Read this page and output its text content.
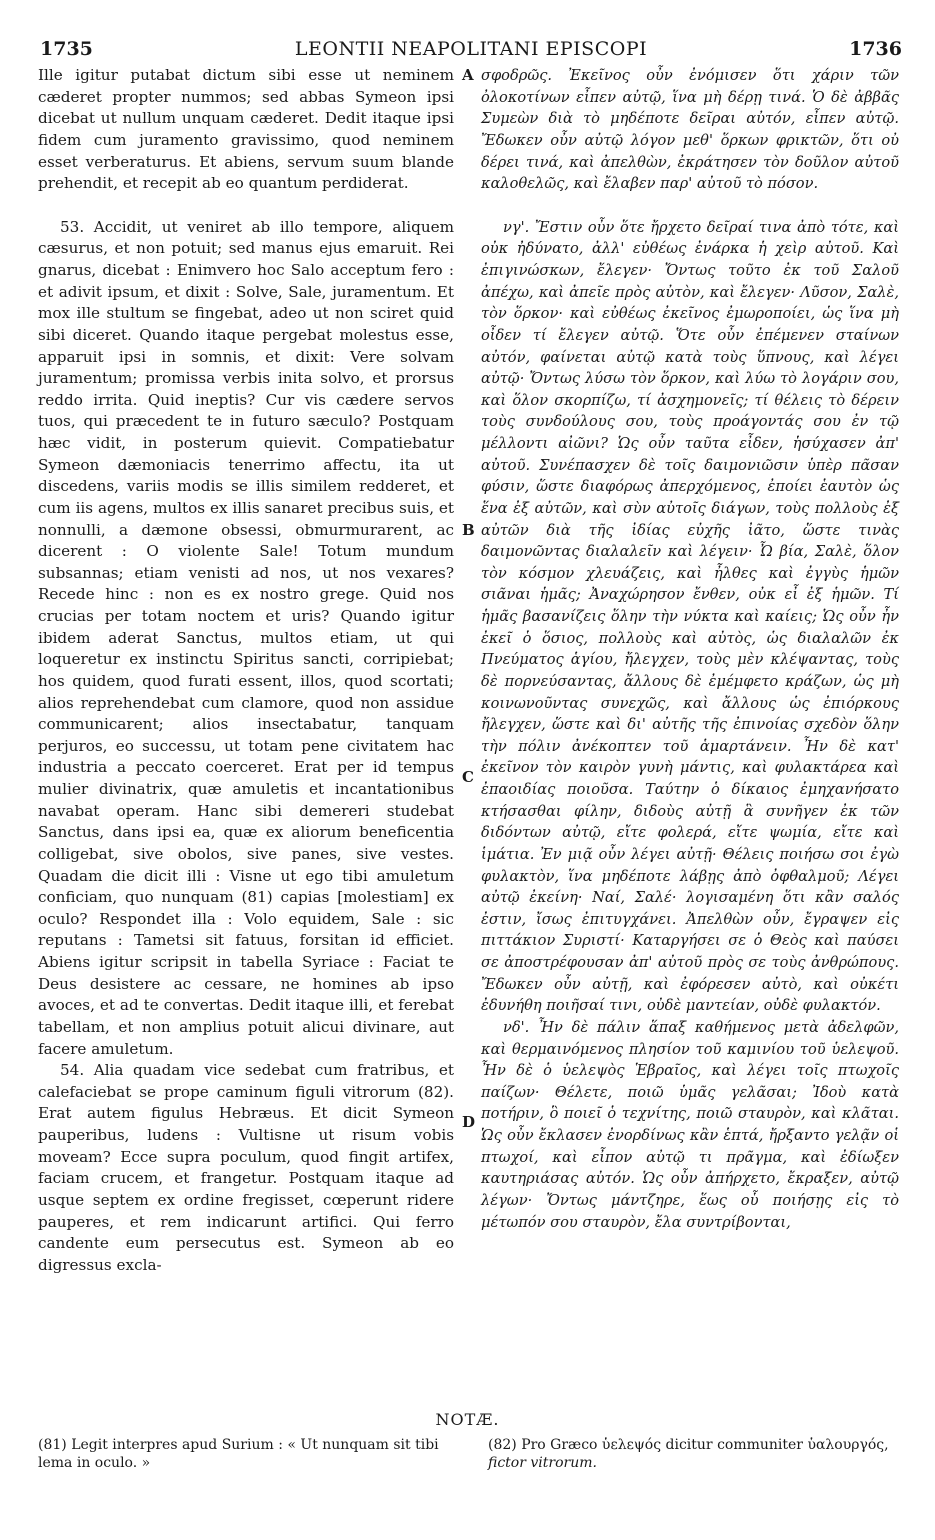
1735	LEONTII NEAPOLITANI EPISCOPI	1736

Ille igitur putabat dictum sibi esse ut neminem cæderet propter nummos; sed abbas Symeon ipsi dicebat ut nullum unquam cæderet. Dedit itaque ipsi fidem cum juramento gravissimo, quod neminem esset verberaturus. Et abiens, servum suum blande prehendit, et recepit ab eo quantum perdiderat.

53. Accidit, ut veniret ab illo tempore, aliquem cæsurus, et non potuit; sed manus ejus emaruit. Rei gnarus, dicebat : Enimvero hoc Salo acceptum fero : et adivit ipsum, et dixit : Solve, Sale, juramentum. Et mox ille stultum se fingebat, adeo ut non sciret quid sibi diceret. Quando itaque pergebat molestus esse, apparuit ipsi in somnis, et dixit: Vere solvam juramentum; promissa verbis inita solvo, et prorsus reddo irrita. Quid ineptis? Cur vis cædere servos tuos, qui præcedent te in futuro sæculo? Postquam hæc vidit, in posterum quievit. Compatiebatur Symeon dæmoniacis tenerrimo affectu, ita ut discedens, variis modis se illis similem redderet, et cum iis agens, multos ex illis sanaret precibus suis, et nonnulli, a dæmone obsessi, obmurmurarent, ac dicerent : O violente Sale! Totum mundum subsannas; etiam venisti ad nos, ut nos vexares? Recede hinc : non es ex nostro grege. Quid nos crucias per totam noctem et uris? Quando igitur ibidem aderat Sanctus, multos etiam, ut qui loqueretur ex instinctu Spiritus sancti, corripiebat; hos quidem, quod furati essent, illos, quod scortati; alios reprehendebat cum clamore, quod non assidue communicarent; alios insectabatur, tanquam perjuros, eo successu, ut totam pene civitatem hac industria a peccato coerceret. Erat per id tempus mulier divinatrix, quæ amuletis et incantationibus navabat operam. Hanc sibi demereri studebat Sanctus, dans ipsi ea, quæ ex aliorum beneficentia colligebat, sive obolos, sive panes, sive vestes. Quadam die dicit illi : Visne ut ego tibi amuletum conficiam, quo nunquam (81) capias [molestiam] ex oculo? Respondet illa : Volo equidem, Sale : sic reputans : Tametsi sit fatuus, forsitan id efficiet. Abiens igitur scripsit in tabella Syriace : Faciat te Deus desistere ac cessare, ne homines ab ipso avoces, et ad te convertas. Dedit itaque illi, et ferebat tabellam, et non amplius potuit alicui divinare, aut facere amuletum.

54. Alia quadam vice sedebat cum fratribus, et calefaciebat se prope caminum figuli vitrorum (82). Erat autem figulus Hebræus. Et dicit Symeon pauperibus, ludens : Vultisne ut risum vobis moveam? Ecce supra poculum, quod fingit artifex, faciam crucem, et frangetur. Postquam itaque ad usque septem ex ordine fregisset, cœperunt ridere pauperes, et rem indicarunt artifici. Qui ferro candente eum persecutus est. Symeon ab eo digressus excla-

A
B
C
D

σφοδρῶς. Ἐκεῖνος οὖν ἐνόμισεν ὅτι χάριν τῶν ὀλοκοτίνων εἶπεν αὐτῷ, ἵνα μὴ δέρῃ τινά. Ὁ δὲ ἀββᾶς Συμεὼν διὰ τὸ μηδέποτε δεῖραι αὐτόν, εἶπεν αὐτῷ. Ἔδωκεν οὖν αὐτῷ λόγον μεθ' ὅρκων φρικτῶν, ὅτι οὐ δέρει τινά, καὶ ἀπελθὼν, ἐκράτησεν τὸν δοῦλον αὐτοῦ καλοθελῶς, καὶ ἔλαβεν παρ' αὐτοῦ τὸ πόσον.

νγ'. Ἔστιν οὖν ὅτε ἤρχετο δεῖραί τινα ἀπὸ τότε, καὶ οὐκ ἠδύνατο, ἀλλ' εὐθέως ἐνάρκα ἡ χεὶρ αὐτοῦ. Καὶ ἐπιγινώσκων, ἔλεγεν· Ὄντως τοῦτο ἐκ τοῦ Σαλοῦ ἀπέχω, καὶ ἀπεῖε πρὸς αὐτὸν, καὶ ἔλεγεν· Λῦσον, Σαλὲ, τὸν ὅρκον· καὶ εὐθέως ἐκεῖνος ἐμωροποίει, ὡς ἵνα μὴ οἶδεν τί ἔλεγεν αὐτῷ. Ὅτε οὖν ἐπέμενεν σταίνων αὐτόν, φαίνεται αὐτῷ κατὰ τοὺς ὕπνους, καὶ λέγει αὐτῷ· Ὄντως λύσω τὸν ὅρκον, καὶ λύω τὸ λογάριν σου, καὶ ὅλον σκορπίζω, τί ἀσχημονεῖς; τί θέλεις τὸ δέρειν τοὺς συνδούλους σου, τοὺς προάγοντάς σου ἐν τῷ μέλλοντι αἰῶνι? Ὡς οὖν ταῦτα εἶδεν, ἡσύχασεν ἀπ' αὐτοῦ. Συνέπασχεν δὲ τοῖς δαιμονιῶσιν ὑπὲρ πᾶσαν φύσιν, ὥστε διαφόρως ἀπερχόμενος, ἐποίει ἑαυτὸν ὡς ἕνα ἐξ αὐτῶν, καὶ σὺν αὐτοῖς διάγων, τοὺς πολλοὺς ἐξ αὐτῶν διὰ τῆς ἰδίας εὐχῆς ἰᾶτο, ὥστε τινὰς δαιμονῶντας διαλαλεῖν καὶ λέγειν· Ὦ βία, Σαλὲ, ὅλον τὸν κόσμον χλευάζεις, καὶ ἦλθες καὶ ἐγγὺς ἡμῶν σιᾶναι ἡμᾶς; Ἀναχώρησον ἔνθεν, οὐκ εἶ ἐξ ἡμῶν. Τί ἡμᾶς βασανίζεις ὅλην τὴν νύκτα καὶ καίεις; Ὡς οὖν ἦν ἐκεῖ ὁ ὅσιος, πολλοὺς καὶ αὐτὸς, ὡς διαλαλῶν ἐκ Πνεύματος ἁγίου, ἤλεγχεν, τοὺς μὲν κλέψαντας, τοὺς δὲ πορνεύσαντας, ἄλλους δὲ ἐμέμφετο κράζων, ὡς μὴ κοινωνοῦντας συνεχῶς, καὶ ἄλλους ὡς ἐπιόρκους ἤλεγχεν, ὥστε καὶ δι' αὐτῆς τῆς ἐπινοίας σχεδὸν ὅλην τὴν πόλιν ἀνέκοπτεν τοῦ ἁμαρτάνειν. Ἦν δὲ κατ' ἐκεῖνον τὸν καιρὸν γυνὴ μάντις, καὶ φυλακτάρεα καὶ ἐπαοιδίας ποιοῦσα. Ταύτην ὁ δίκαιος ἐμηχανήσατο κτήσασθαι φίλην, διδοὺς αὐτῇ ἃ συνῆγεν ἐκ τῶν διδόντων αὐτῷ, εἴτε φολερά, εἴτε ψωμία, εἴτε καὶ ἱμάτια. Ἐν μιᾷ οὖν λέγει αὐτῇ· Θέλεις ποιήσω σοι ἐγὼ φυλακτὸν, ἵνα μηδέποτε λάβῃς ἀπὸ ὀφθαλμοῦ; Λέγει αὐτῷ ἐκείνη· Ναί, Σαλέ· λογισαμένη ὅτι κἂν σαλός ἐστιν, ἴσως ἐπιτυγχάνει. Ἀπελθὼν οὖν, ἔγραψεν εἰς πιττάκιον Συριστί· Καταργήσει σε ὁ Θεὸς καὶ παύσει σε ἀποστρέφουσαν ἀπ' αὐτοῦ πρὸς σε τοὺς ἀνθρώπους. Ἔδωκεν οὖν αὐτῇ, καὶ ἐφόρεσεν αὐτὸ, καὶ οὐκέτι ἐδυνήθη ποιῆσαί τινι, οὐδὲ μαντείαν, οὐδὲ φυλακτόν.

νδ'. Ἦν δὲ πάλιν ἅπαξ καθήμενος μετὰ ἀδελφῶν, καὶ θερμαινόμενος πλησίον τοῦ καμινίου τοῦ ὑελεψοῦ. Ἦν δὲ ὁ ὑελεψὸς Ἑβραῖος, καὶ λέγει τοῖς πτωχοῖς παίζων· Θέλετε, ποιῶ ὑμᾶς γελᾶσαι; Ἰδοὺ κατὰ ποτήριν, ὃ ποιεῖ ὁ τεχνίτης, ποιῶ σταυρὸν, καὶ κλᾶται. Ὡς οὖν ἔκλασεν ἐνορδίνως κἂν ἑπτά, ἤρξαντο γελᾷν οἱ πτωχοί, καὶ εἶπον αὐτῷ τι πρᾶγμα, καὶ ἐδίωξεν καυτηριάσας αὐτόν. Ὡς οὖν ἀπήρχετο, ἔκραξεν, αὐτῷ λέγων· Ὄντως μάντζηρε, ἕως οὗ ποιήσῃς εἰς τὸ μέτωπόν σου σταυρὸν, ἔλα συντρίβονται,

NOTÆ.
(81) Legit interpres apud Surium : « Ut nunquam sit tibi lema in oculo. »
(82) Pro Græco ὑελεψός dicitur communiter ὑαλουργός, fictor vitrorum.
